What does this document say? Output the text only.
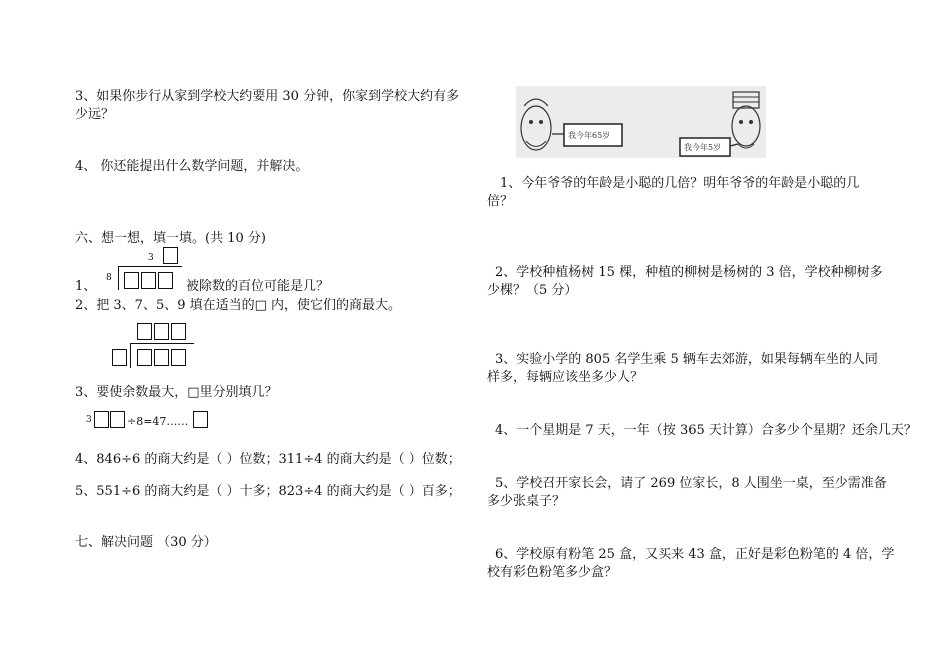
3、如果你步行从家到学校大约要用 30 分钟，你家到学校大约有多
少远？
4、 你还能提出什么数学问题，并解决。
六、想一想，填一填。(共 10 分)
3
8
1、	被除数的百位可能是几？
2、把 3、7、5、9 填在适当的□ 内，使它们的商最大。
3、要使余数最大，□里分别填几？
3	÷8=47……
4、846÷6 的商大约是（ ）位数；311÷4 的商大约是（ ）位数；
5、551÷6 的商大约是（ ）十多；823÷4 的商大约是（ ）百多；
七、解决问题 （30 分）
我今年65岁
我今年5岁
1、今年爷爷的年龄是小聪的几倍？明年爷爷的年龄是小聪的几
倍？
2、学校种植杨树 15 棵，种植的柳树是杨树的 3 倍，学校种柳树多
少棵？（5 分）
3、实验小学的 805 名学生乘 5 辆车去郊游，如果每辆车坐的人同
样多，每辆应该坐多少人？
4、一个星期是 7 天，一年（按 365 天计算）合多少个星期？还余几天？
5、学校召开家长会，请了 269 位家长，8 人围坐一桌，至少需准备
多少张桌子？
6、学校原有粉笔 25 盒，又买来 43 盒，正好是彩色粉笔的 4 倍，学
校有彩色粉笔多少盒？
